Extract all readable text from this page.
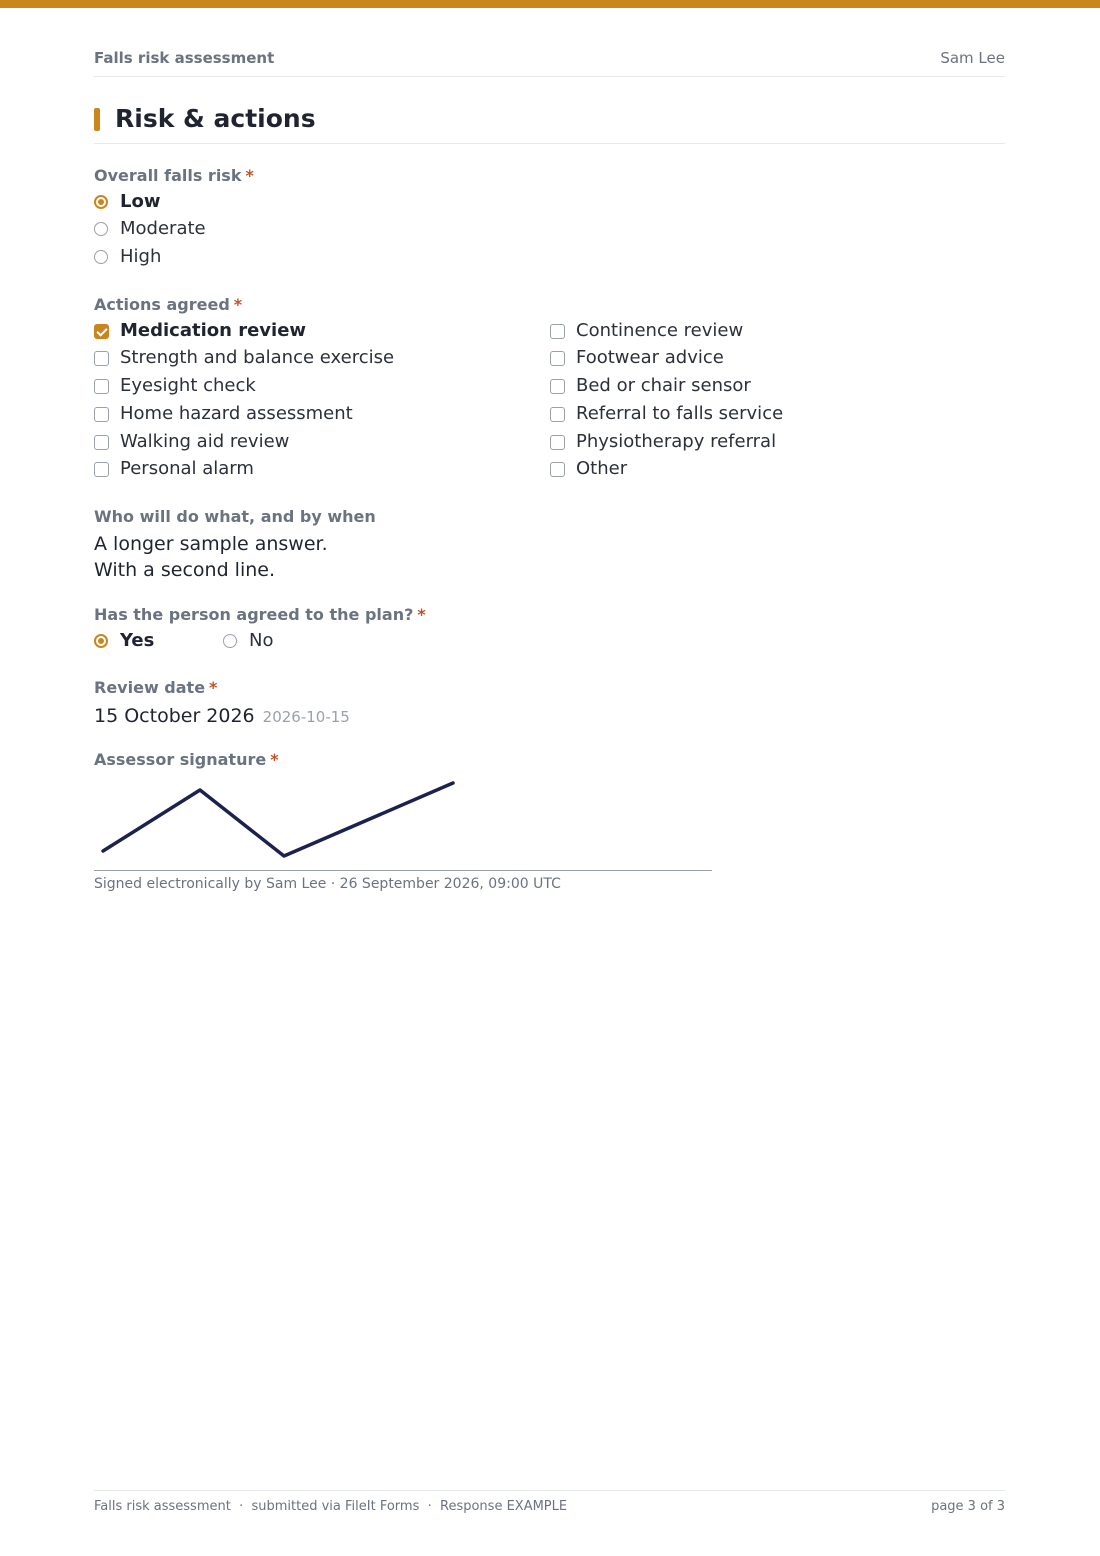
Falls risk assessment	Sam Lee
Risk & actions
Overall falls risk *
Low
Moderate
High
Actions agreed *
Medication review
Strength and balance exercise
Eyesight check
Home hazard assessment
Walking aid review
Personal alarm
Continence review
Footwear advice
Bed or chair sensor
Referral to falls service
Physiotherapy referral
Other
Who will do what, and by when
A longer sample answer.
With a second line.
Has the person agreed to the plan? *
Yes	No
Review date *
15 October 2026 2026-10-15
Assessor signature *
Signed electronically by Sam Lee · 26 September 2026, 09:00 UTC
Falls risk assessment  ·  submitted via FileIt Forms  ·  Response EXAMPLE	page 3 of 3
